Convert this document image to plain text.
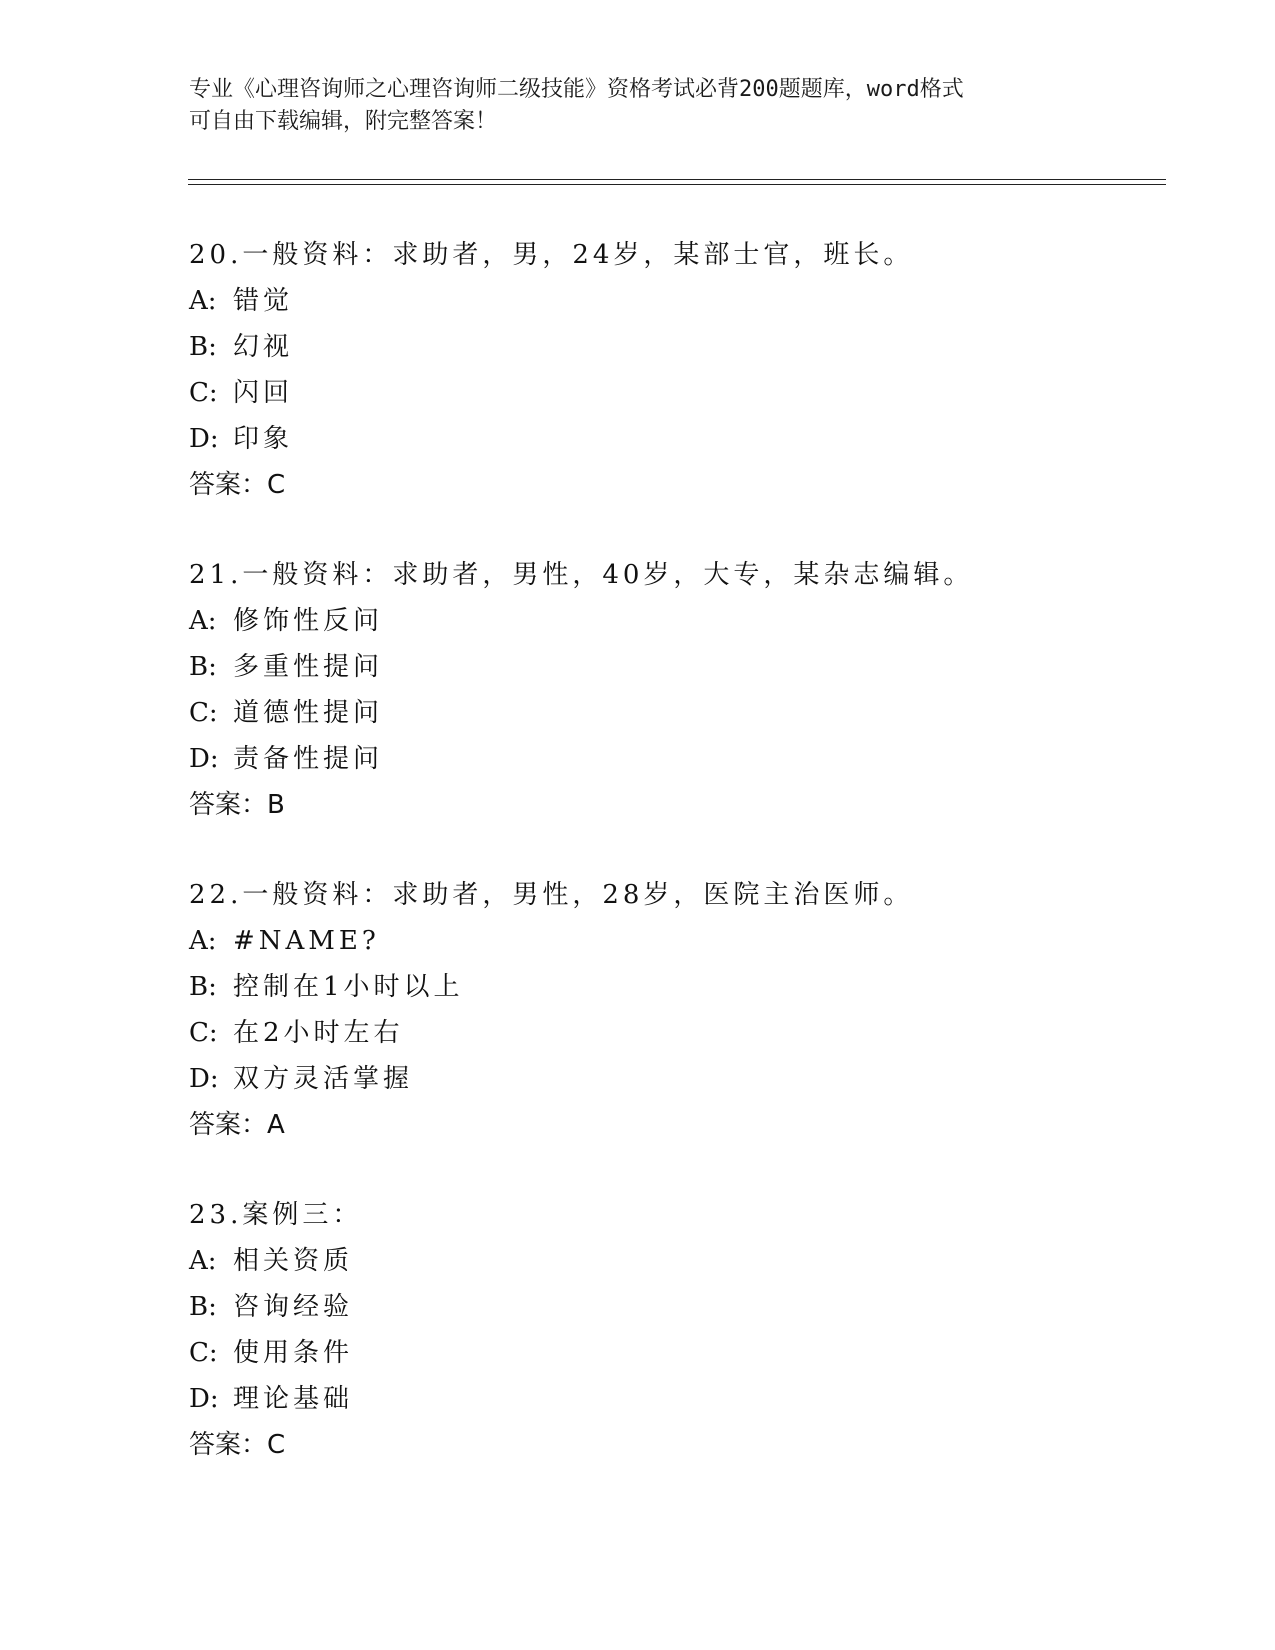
专业《心理咨询师之心理咨询师二级技能》资格考试必背200题题库，word格式
可自由下载编辑，附完整答案！
20.一般资料：求助者，男，24岁，某部士官，班长。
A: 错觉
B: 幻视
C: 闪回
D: 印象
答案：C
21.一般资料：求助者，男性，40岁，大专，某杂志编辑。
A: 修饰性反问
B: 多重性提问
C: 道德性提问
D: 责备性提问
答案：B
22.一般资料：求助者，男性，28岁，医院主治医师。
A: #NAME?
B: 控制在1小时以上
C: 在2小时左右
D: 双方灵活掌握
答案：A
23.案例三：
A: 相关资质
B: 咨询经验
C: 使用条件
D: 理论基础
答案：C
